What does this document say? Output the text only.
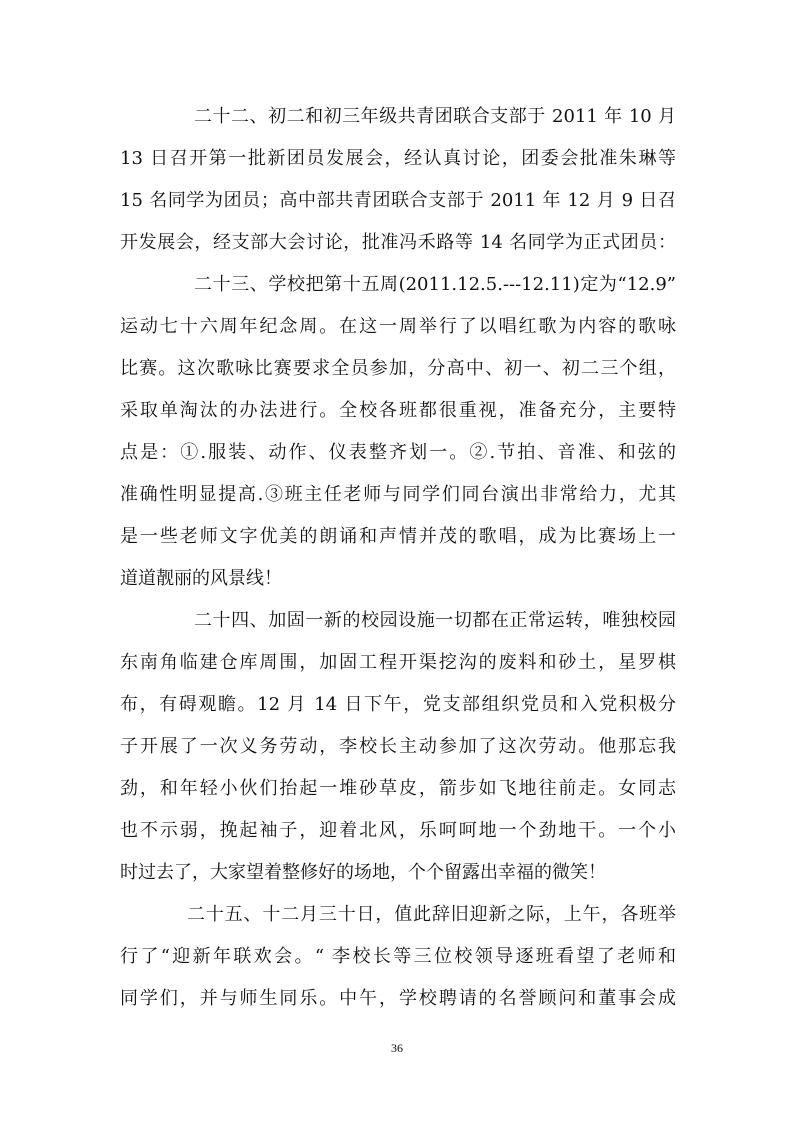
二十二、初二和初三年级共青团联合支部于 2011 年 10 月
13 日召开第一批新团员发展会，经认真讨论，团委会批准朱琳等
15 名同学为团员；高中部共青团联合支部于 2011 年 12 月 9 日召
开发展会，经支部大会讨论，批准冯禾路等 14 名同学为正式团员：
二十三、学校把第十五周(2011.12.5.---12.11)定为“12.9”
运动七十六周年纪念周。在这一周举行了以唱红歌为内容的歌咏
比赛。这次歌咏比赛要求全员参加，分高中、初一、初二三个组，
采取单淘汰的办法进行。全校各班都很重视，准备充分，主要特
点是：①.服装、动作、仪表整齐划一。②.节拍、音准、和弦的
准确性明显提高.③班主任老师与同学们同台演出非常给力，尤其
是一些老师文字优美的朗诵和声情并茂的歌唱，成为比赛场上一
道道靓丽的风景线！
二十四、加固一新的校园设施一切都在正常运转，唯独校园
东南角临建仓库周围，加固工程开渠挖沟的废料和砂土，星罗棋
布，有碍观瞻。12 月 14 日下午，党支部组织党员和入党积极分
子开展了一次义务劳动，李校长主动参加了这次劳动。他那忘我
劲，和年轻小伙们抬起一堆砂草皮，箭步如飞地往前走。女同志
也不示弱，挽起袖子，迎着北风，乐呵呵地一个劲地干。一个小
时过去了，大家望着整修好的场地，个个留露出幸福的微笑！
二十五、十二月三十日，值此辞旧迎新之际，上午，各班举
行了“迎新年联欢会。“ 李校长等三位校领导逐班看望了老师和
同学们，并与师生同乐。中午，学校聘请的名誉顾问和董事会成
36
